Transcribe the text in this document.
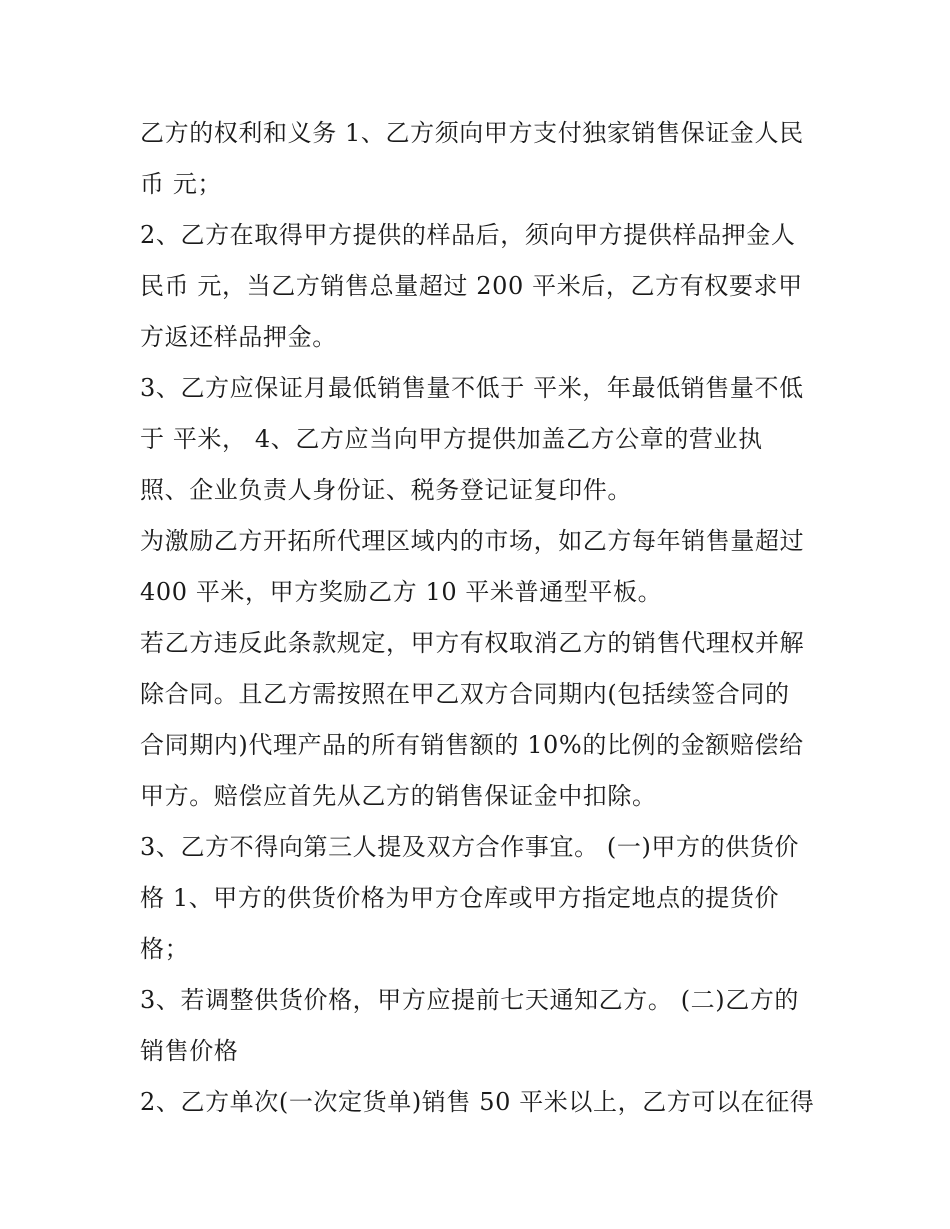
乙方的权利和义务 1、乙方须向甲方支付独家销售保证金人民
币 元；
2、乙方在取得甲方提供的样品后，须向甲方提供样品押金人
民币 元，当乙方销售总量超过 200 平米后，乙方有权要求甲
方返还样品押金。
3、乙方应保证月最低销售量不低于 平米，年最低销售量不低
于 平米， 4、乙方应当向甲方提供加盖乙方公章的营业执
照、企业负责人身份证、税务登记证复印件。
为激励乙方开拓所代理区域内的市场，如乙方每年销售量超过
400 平米，甲方奖励乙方 10 平米普通型平板。
若乙方违反此条款规定，甲方有权取消乙方的销售代理权并解
除合同。且乙方需按照在甲乙双方合同期内(包括续签合同的
合同期内)代理产品的所有销售额的 10%的比例的金额赔偿给
甲方。赔偿应首先从乙方的销售保证金中扣除。
3、乙方不得向第三人提及双方合作事宜。 (一)甲方的供货价
格 1、甲方的供货价格为甲方仓库或甲方指定地点的提货价
格；
3、若调整供货价格，甲方应提前七天通知乙方。 (二)乙方的
销售价格
2、乙方单次(一次定货单)销售 50 平米以上，乙方可以在征得
